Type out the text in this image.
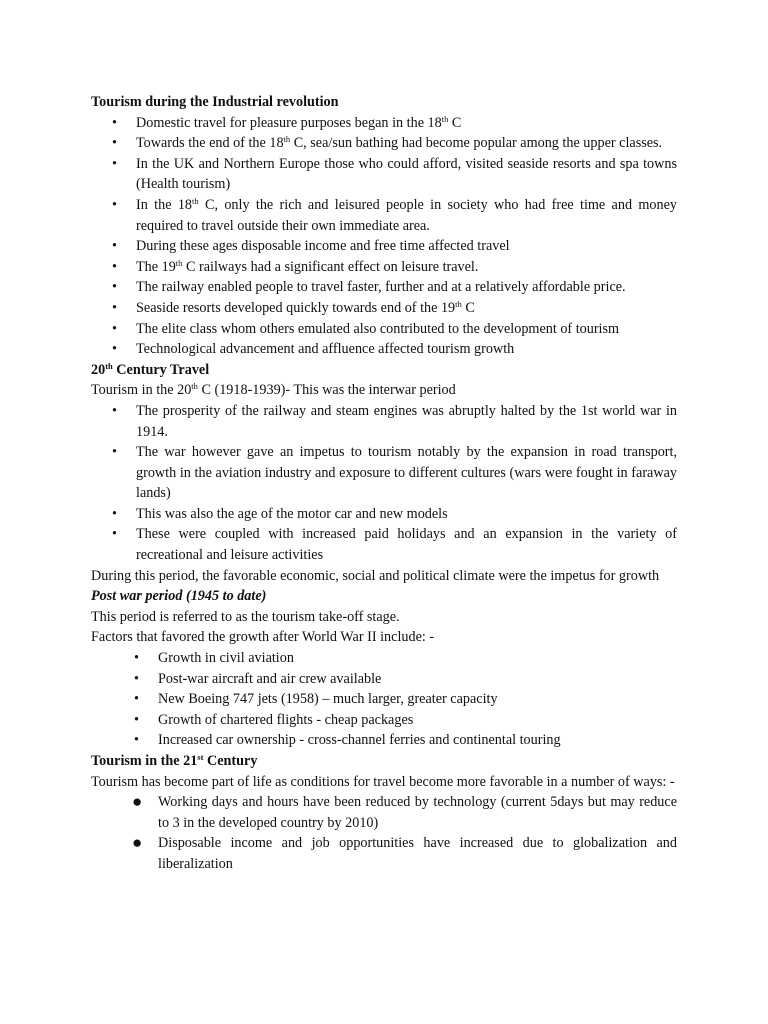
Tourism during the Industrial revolution
• Domestic travel for pleasure purposes began in the 18th C
• Towards the end of the 18th C, sea/sun bathing had become popular among the upper classes.
• In the UK and Northern Europe those who could afford, visited seaside resorts and spa towns (Health tourism)
• In the 18th C, only the rich and leisured people in society who had free time and money required to travel outside their own immediate area.
• During these ages disposable income and free time affected travel
• The 19th C railways had a significant effect on leisure travel.
• The railway enabled people to travel faster, further and at a relatively affordable price.
• Seaside resorts developed quickly towards end of the 19th C
• The elite class whom others emulated also contributed to the development of tourism
• Technological advancement and affluence affected tourism growth
20th Century Travel
Tourism in the 20th C (1918-1939)- This was the interwar period
• The prosperity of the railway and steam engines was abruptly halted by the 1st world war in 1914.
• The war however gave an impetus to tourism notably by the expansion in road transport, growth in the aviation industry and exposure to different cultures (wars were fought in faraway lands)
• This was also the age of the motor car and new models
• These were coupled with increased paid holidays and an expansion in the variety of recreational and leisure activities
During this period, the favorable economic, social and political climate were the impetus for growth
Post war period (1945 to date)
This period is referred to as the tourism take-off stage.
Factors that favored the growth after World War II include: -
• Growth in civil aviation
• Post-war aircraft and air crew available
• New Boeing 747 jets (1958) – much larger, greater capacity
• Growth of chartered flights - cheap packages
• Increased car ownership - cross-channel ferries and continental touring
Tourism in the 21st Century
Tourism has become part of life as conditions for travel become more favorable in a number of ways: -
● Working days and hours have been reduced by technology (current 5days but may reduce to 3 in the developed country by 2010)
● Disposable income and job opportunities have increased due to globalization and liberalization
